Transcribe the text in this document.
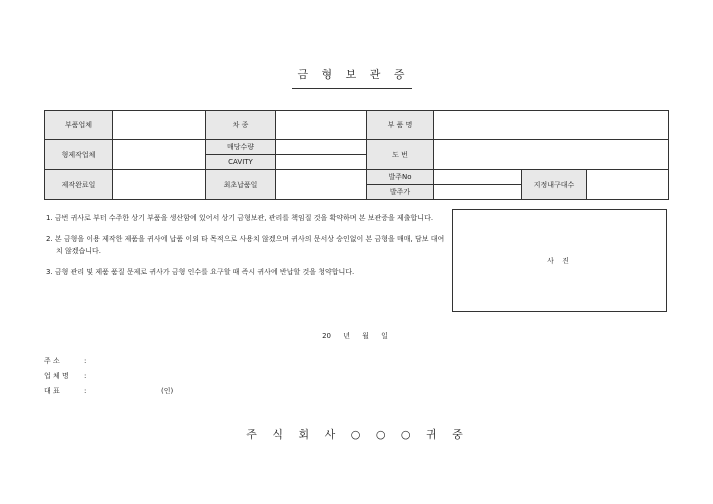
금 형 보 관 증
부품업체		차 종		부 품 명			
형제작업체		매당수량		도 번			
		CAVITY					
제작완료일		최초납품일		발주No		지정내구대수	
				발주가			

1. 금번 귀사로 부터 수주한 상기 부품을 생산함에 있어서 상기 금형보관, 관리를 책임질 것을 확약하며 본 보관증을 제출합니다.

2. 본 금형을 이용 제작한 제품을 귀사에 납품 이외 타 목적으로 사용치 않겠으며 귀사의 문서상 승인없이 본 금형을 매매, 담보 대여치 않겠습니다.

3. 금형 관리 및 제품 품질 문제로 귀사가 금형 인수를 요구할 때 즉시 귀사에 반납할 것을 청약합니다.

사 진
20 년 월 일
주 소	:
업 체 명 :
대 표	:	(인)
주 식 회 사 ○ ○ ○ 귀 중
